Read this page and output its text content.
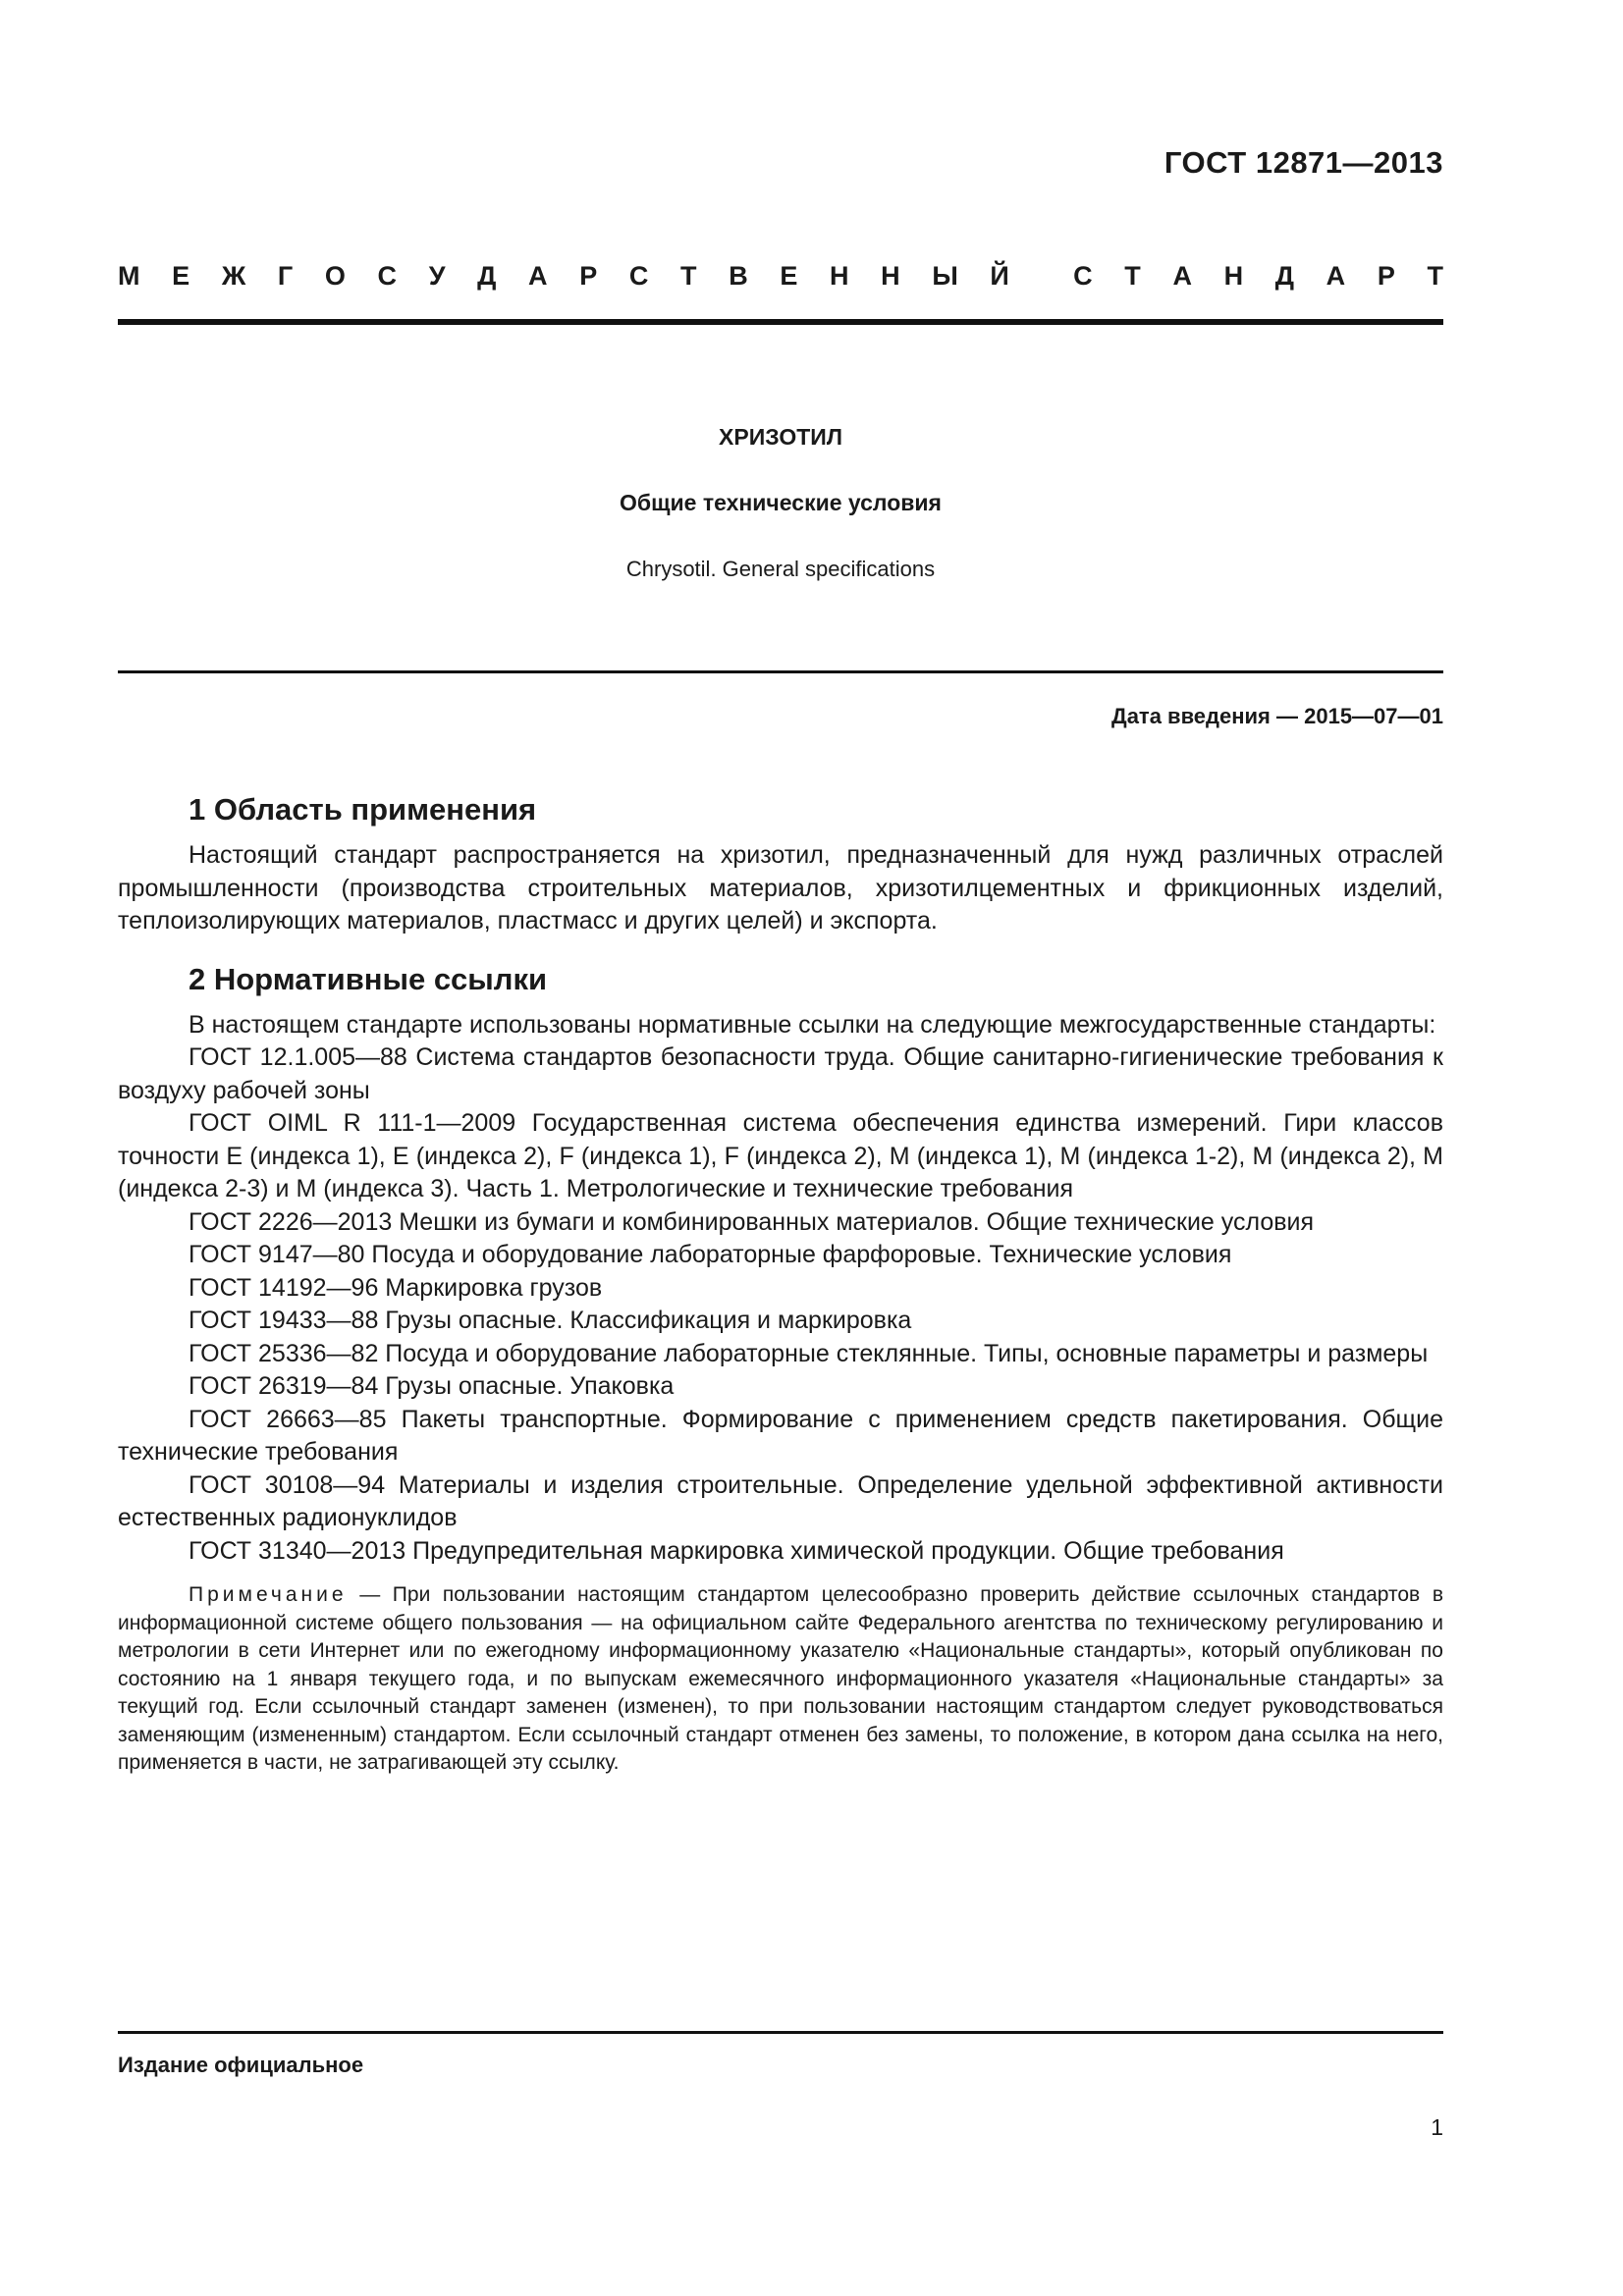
ГОСТ 12871—2013
М Е Ж Г О С У Д А Р С Т В Е Н Н Ы Й С Т А Н Д А Р Т
ХРИЗОТИЛ
Общие технические условия
Chrysotil. General specifications
Дата введения — 2015—07—01
1 Область применения

Настоящий стандарт распространяется на хризотил, предназначенный для нужд различных отраслей промышленности (производства строительных материалов, хризотилцементных и фрикционных изделий, теплоизолирующих материалов, пластмасс и других целей) и экспорта.

2 Нормативные ссылки

В настоящем стандарте использованы нормативные ссылки на следующие межгосударственные стандарты:

ГОСТ 12.1.005—88 Система стандартов безопасности труда. Общие санитарно-гигиенические требования к воздуху рабочей зоны

ГОСТ OIML R 111-1—2009 Государственная система обеспечения единства измерений. Гири классов точности E (индекса 1), E (индекса 2), F (индекса 1), F (индекса 2), M (индекса 1), M (индекса 1-2), M (индекса 2), M (индекса 2-3) и M (индекса 3). Часть 1. Метрологические и технические требования

ГОСТ 2226—2013 Мешки из бумаги и комбинированных материалов. Общие технические условия

ГОСТ 9147—80 Посуда и оборудование лабораторные фарфоровые. Технические условия

ГОСТ 14192—96 Маркировка грузов

ГОСТ 19433—88 Грузы опасные. Классификация и маркировка

ГОСТ 25336—82 Посуда и оборудование лабораторные стеклянные. Типы, основные параметры и размеры

ГОСТ 26319—84 Грузы опасные. Упаковка

ГОСТ 26663—85 Пакеты транспортные. Формирование с применением средств пакетирования. Общие технические требования

ГОСТ 30108—94 Материалы и изделия строительные. Определение удельной эффективной активности естественных радионуклидов

ГОСТ 31340—2013 Предупредительная маркировка химической продукции. Общие требования

Примечание — При пользовании настоящим стандартом целесообразно проверить действие ссылочных стандартов в информационной системе общего пользования — на официальном сайте Федерального агентства по техническому регулированию и метрологии в сети Интернет или по ежегодному информационному указателю «Национальные стандарты», который опубликован по состоянию на 1 января текущего года, и по выпускам ежемесячного информационного указателя «Национальные стандарты» за текущий год. Если ссылочный стандарт заменен (изменен), то при пользовании настоящим стандартом следует руководствоваться заменяющим (измененным) стандартом. Если ссылочный стандарт отменен без замены, то положение, в котором дана ссылка на него, применяется в части, не затрагивающей эту ссылку.

Издание официальное
1
